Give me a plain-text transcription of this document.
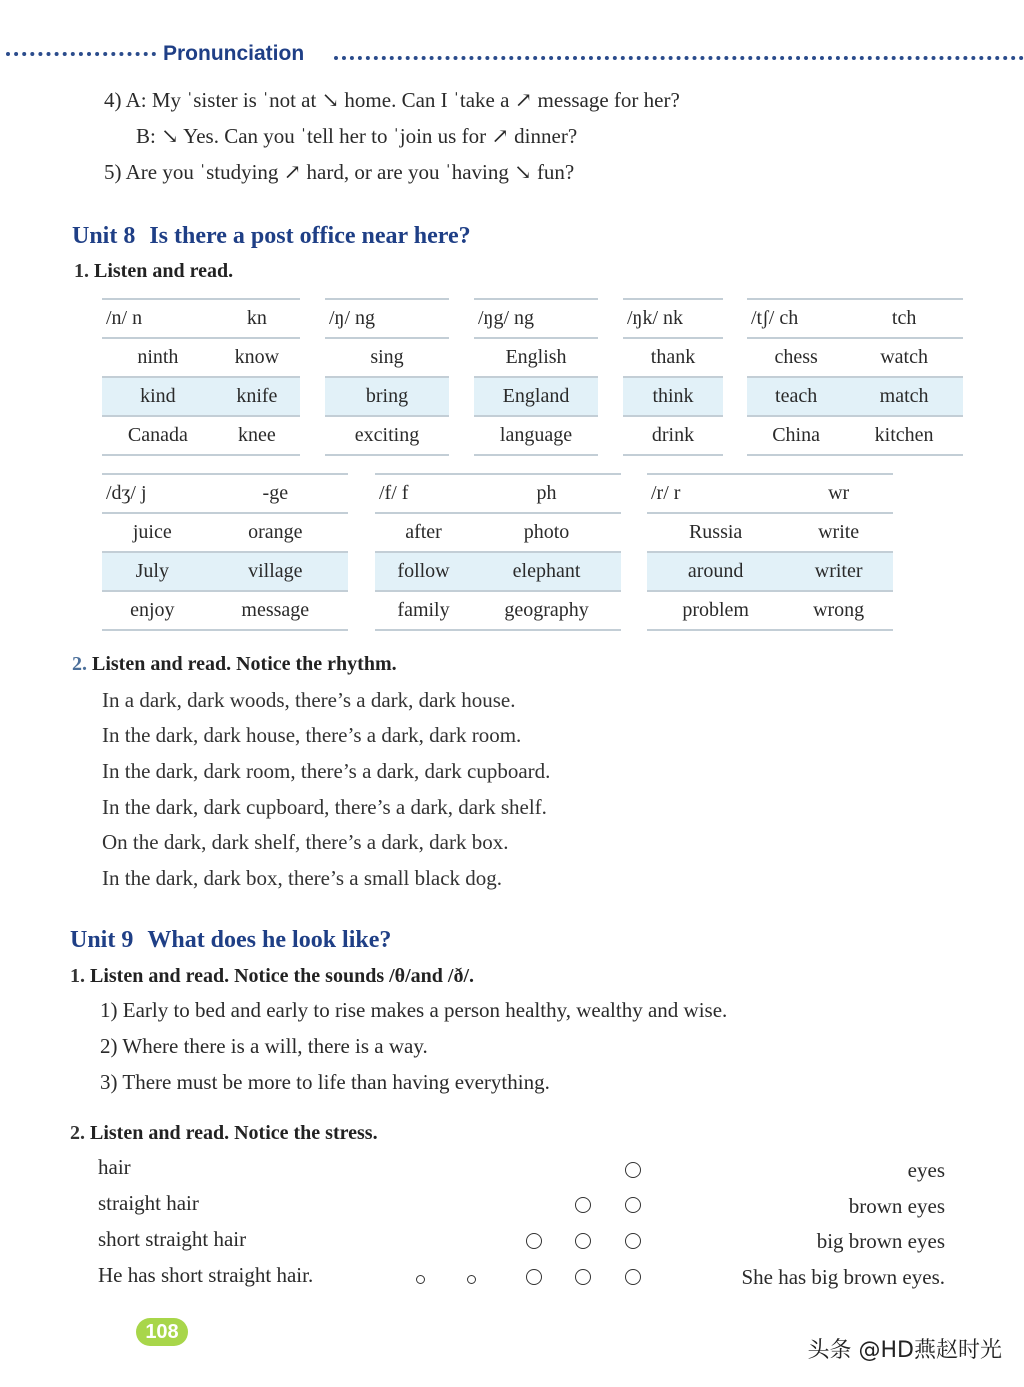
Pronunciation
4) A: My ˈsister is ˈnot at ↘ home. Can I ˈtake a ↗ message for her?
B: ↘ Yes. Can you ˈtell her to ˈjoin us for ↗ dinner?
5) Are you ˈstudying ↗ hard, or are you ˈhaving ↘ fun?
Unit 8 Is there a post office near here?
1. Listen and read.
/n/ n	kn
ninth	know
kind	knife
Canada	knee
/ŋ/ ng
sing
bring
exciting
/ŋg/ ng
English
England
language
/ŋk/ nk
thank
think
drink
/tʃ/ ch	tch
chess	watch
teach	match
China	kitchen
/dʒ/ j	-ge
juice	orange
July	village
enjoy	message
/f/ f	ph
after	photo
follow	elephant
family	geography
/r/ r	wr
Russia	write
around	writer
problem	wrong
2. Listen and read. Notice the rhythm.
In a dark, dark woods, there’s a dark, dark house.
In the dark, dark house, there’s a dark, dark room.
In the dark, dark room, there’s a dark, dark cupboard.
In the dark, dark cupboard, there’s a dark, dark shelf.
On the dark, dark shelf, there’s a dark, dark box.
In the dark, dark box, there’s a small black dog.
Unit 9 What does he look like?
1. Listen and read. Notice the sounds /θ/and /ð/.
1) Early to bed and early to rise makes a person healthy, wealthy and wise.
2) Where there is a will, there is a way.
3) There must be more to life than having everything.
2. Listen and read. Notice the stress.
hair	eyes
straight hair	brown eyes
short straight hair	big brown eyes
He has short straight hair.	She has big brown eyes.
108
头条 @HD燕赵时光
